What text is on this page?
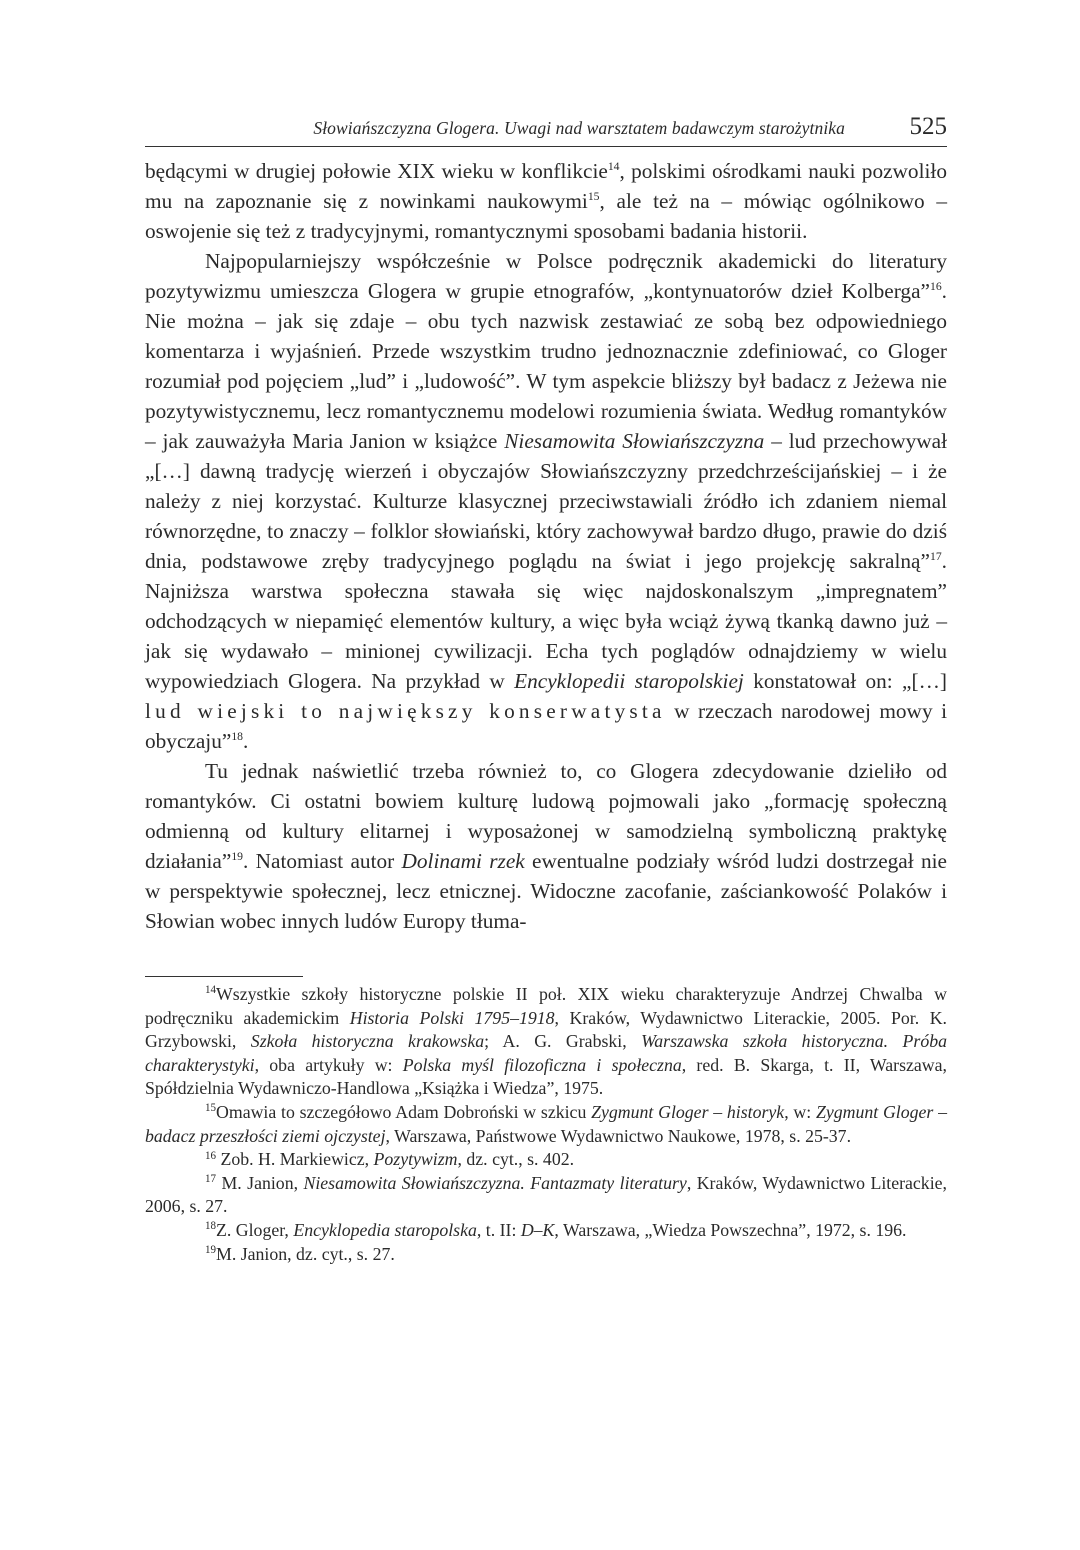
Słowiańszczyzna Glogera. Uwagi nad warsztatem badawczym starożytnika	525

będącymi w drugiej połowie XIX wieku w konflikcie$^{14}$, polskimi ośrodkami nauki pozwoliło mu na zapoznanie się z nowinkami naukowymi$^{15}$, ale też na – mówiąc ogólnikowo – oswojenie się też z tradycyjnymi, romantycznymi sposobami badania historii.

Najpopularniejszy współcześnie w Polsce podręcznik akademicki do literatury pozytywizmu umieszcza Glogera w grupie etnografów, „kontynuatorów dzieł Kolberga”$^{16}$. Nie można – jak się zdaje – obu tych nazwisk zestawiać ze sobą bez odpowiedniego komentarza i wyjaśnień. Przede wszystkim trudno jednoznacznie zdefiniować, co Gloger rozumiał pod pojęciem „lud” i „ludowość”. W tym aspekcie bliższy był badacz z Jeżewa nie pozytywistycznemu, lecz romantycznemu modelowi rozumienia świata. Według romantyków – jak zauważyła Maria Janion w książce Niesamowita Słowiańszczyzna – lud przechowywał „[…] dawną tradycję wierzeń i obyczajów Słowiańszczyzny przedchrześcijańskiej – i że należy z niej korzystać. Kulturze klasycznej przeciwstawiali źródło ich zdaniem niemal równorzędne, to znaczy – folklor słowiański, który zachowywał bardzo długo, prawie do dziś dnia, podstawowe zręby tradycyjnego poglądu na świat i jego projekcję sakralną”$^{17}$. Najniższa warstwa społeczna stawała się więc najdoskonalszym „impregnatem” odchodzących w niepamięć elementów kultury, a więc była wciąż żywą tkanką dawno już – jak się wydawało – minionej cywilizacji. Echa tych poglądów odnajdziemy w wielu wypowiedziach Glogera. Na przykład w Encyklopedii staropolskiej konstatował on: „[…] lud wiejski to największy konserwatysta w rzeczach narodowej mowy i obyczaju”$^{18}$.

Tu jednak naświetlić trzeba również to, co Glogera zdecydowanie dzieliło od romantyków. Ci ostatni bowiem kulturę ludową pojmowali jako „formację społeczną odmienną od kultury elitarnej i wyposażonej w samodzielną symboliczną praktykę działania”$^{19}$. Natomiast autor Dolinami rzek ewentualne podziały wśród ludzi dostrzegał nie w perspektywie społecznej, lecz etnicznej. Widoczne zacofanie, zaściankowość Polaków i Słowian wobec innych ludów Europy tłuma-

$^{14}$Wszystkie szkoły historyczne polskie II poł. XIX wieku charakteryzuje Andrzej Chwalba w podręczniku akademickim Historia Polski 1795–1918, Kraków, Wydawnictwo Literackie, 2005. Por. K. Grzybowski, Szkoła historyczna krakowska; A. G. Grabski, Warszawska szkoła historyczna. Próba charakterystyki, oba artykuły w: Polska myśl filozoficzna i społeczna, red. B. Skarga, t. II, Warszawa, Spółdzielnia Wydawniczo-Handlowa „Książka i Wiedza”, 1975.

$^{15}$Omawia to szczegółowo Adam Dobroński w szkicu Zygmunt Gloger – historyk, w: Zygmunt Gloger – badacz przeszłości ziemi ojczystej, Warszawa, Państwowe Wydawnictwo Naukowe, 1978, s. 25-37.

$^{16}$ Zob. H. Markiewicz, Pozytywizm, dz. cyt., s. 402.

$^{17}$ M. Janion, Niesamowita Słowiańszczyzna. Fantazmaty literatury, Kraków, Wydawnictwo Literackie, 2006, s. 27.

$^{18}$Z. Gloger, Encyklopedia staropolska, t. II: D–K, Warszawa, „Wiedza Powszechna”, 1972, s. 196.

$^{19}$M. Janion, dz. cyt., s. 27.
